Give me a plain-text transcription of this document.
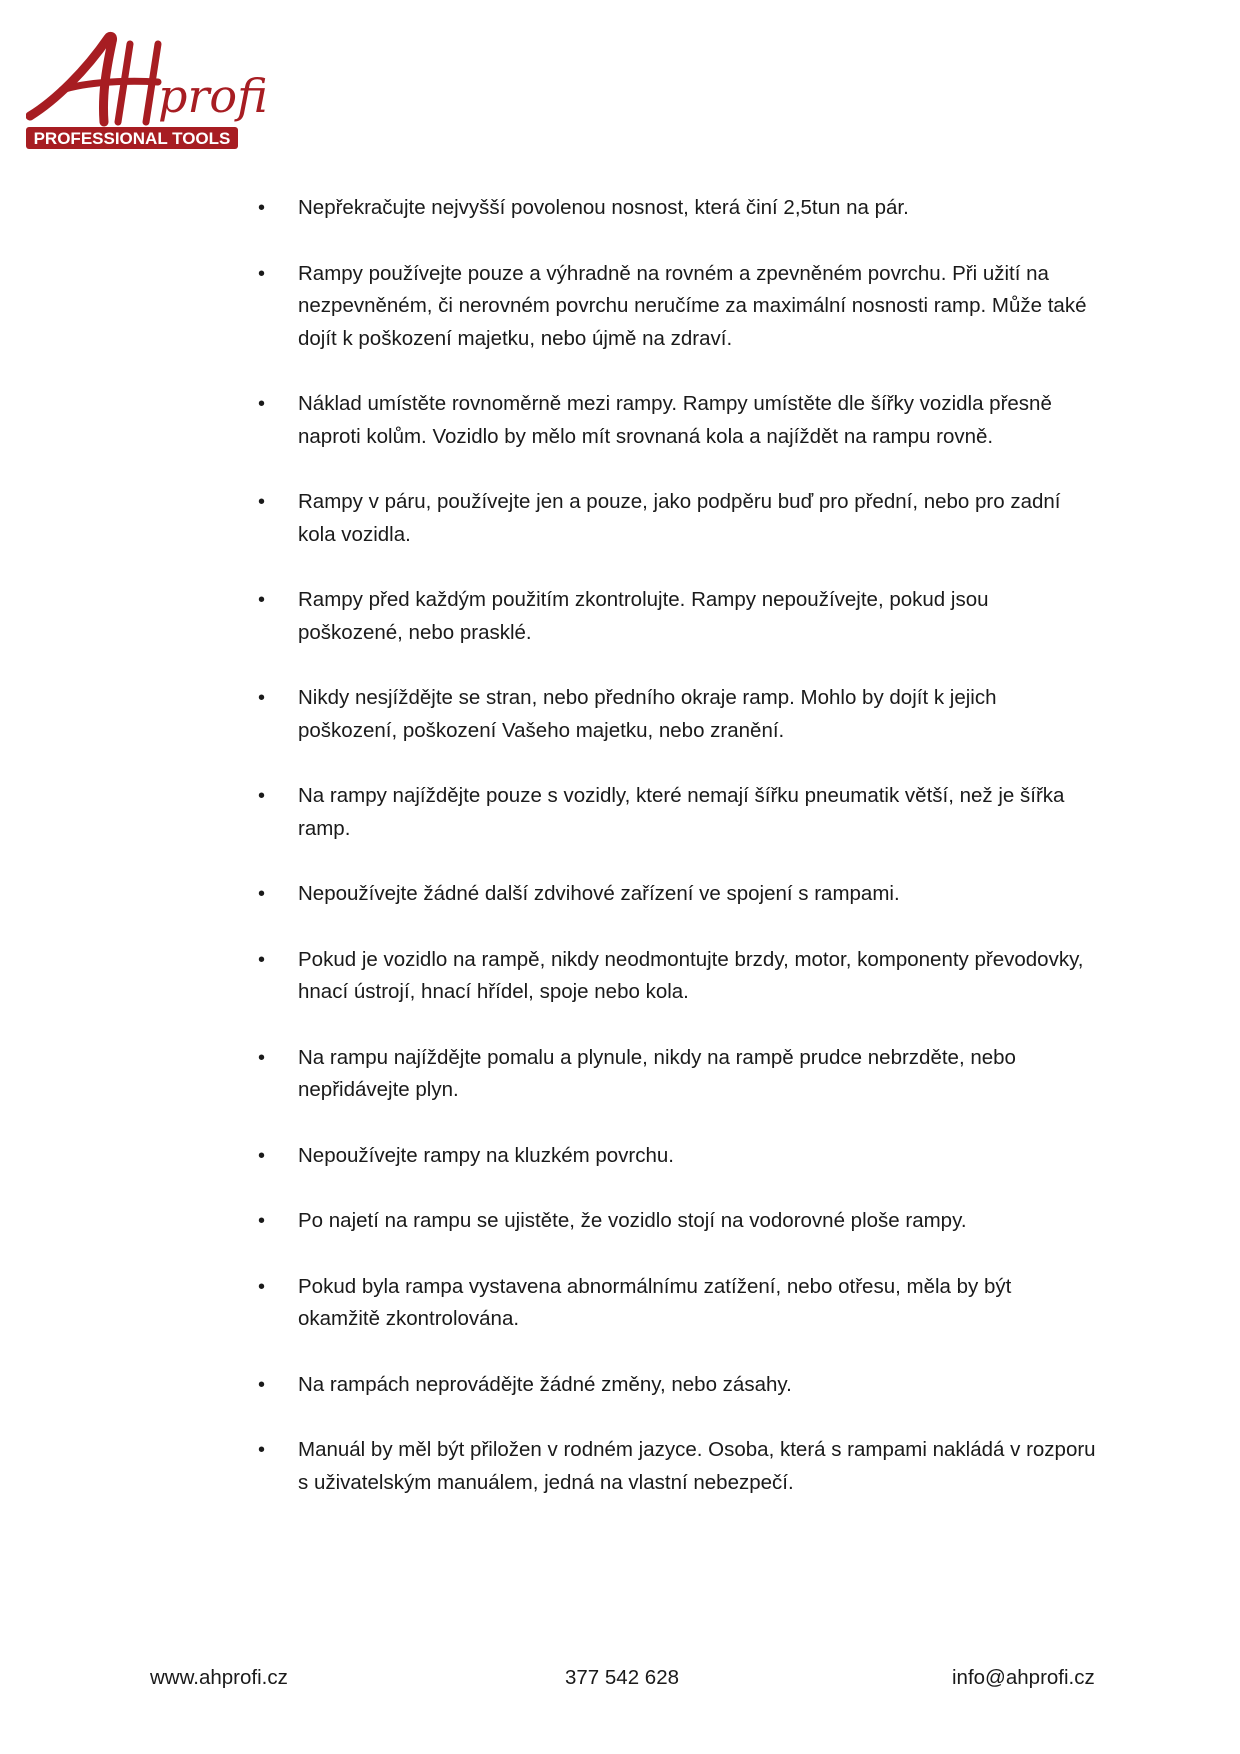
profi
PROFESSIONAL TOOLS
•	Nepřekračujte nejvyšší povolenou nosnost, která činí 2,5tun na pár.
•	Rampy používejte pouze a výhradně na rovném a zpevněném povrchu. Při užití na nezpevněném, či nerovném povrchu neručíme za maximální nosnosti ramp. Může také dojít k poškození majetku, nebo újmě na zdraví.
•	Náklad umístěte rovnoměrně mezi rampy. Rampy umístěte dle šířky vozidla přesně naproti kolům. Vozidlo by mělo mít srovnaná kola a najíždět na rampu rovně.
•	Rampy v páru, používejte jen a pouze, jako podpěru buď pro přední, nebo pro zadní kola vozidla.
•	Rampy před každým použitím zkontrolujte. Rampy nepoužívejte, pokud jsou poškozené, nebo prasklé.
•	Nikdy nesjíždějte se stran, nebo předního okraje ramp. Mohlo by dojít k jejich poškození, poškození Vašeho majetku, nebo zranění.
•	Na rampy najíždějte pouze s vozidly, které nemají šířku pneumatik větší, než je šířka ramp.
•	Nepoužívejte žádné další zdvihové zařízení ve spojení s rampami.
•	Pokud je vozidlo na rampě, nikdy neodmontujte brzdy, motor, komponenty převodovky, hnací ústrojí, hnací hřídel, spoje nebo kola.
•	Na rampu najíždějte pomalu a plynule, nikdy na rampě prudce nebrzděte, nebo nepřidávejte plyn.
•	Nepoužívejte rampy na kluzkém povrchu.
•	Po najetí na rampu se ujistěte, že vozidlo stojí na vodorovné ploše rampy.
•	Pokud byla rampa vystavena abnormálnímu zatížení, nebo otřesu, měla by být okamžitě zkontrolována.
•	Na rampách neprovádějte žádné změny, nebo zásahy.
•	Manuál by měl být přiložen v rodném jazyce. Osoba, která s rampami nakládá v rozporu s uživatelským manuálem, jedná na vlastní nebezpečí.
www.ahprofi.cz	377 542 628	info@ahprofi.cz
